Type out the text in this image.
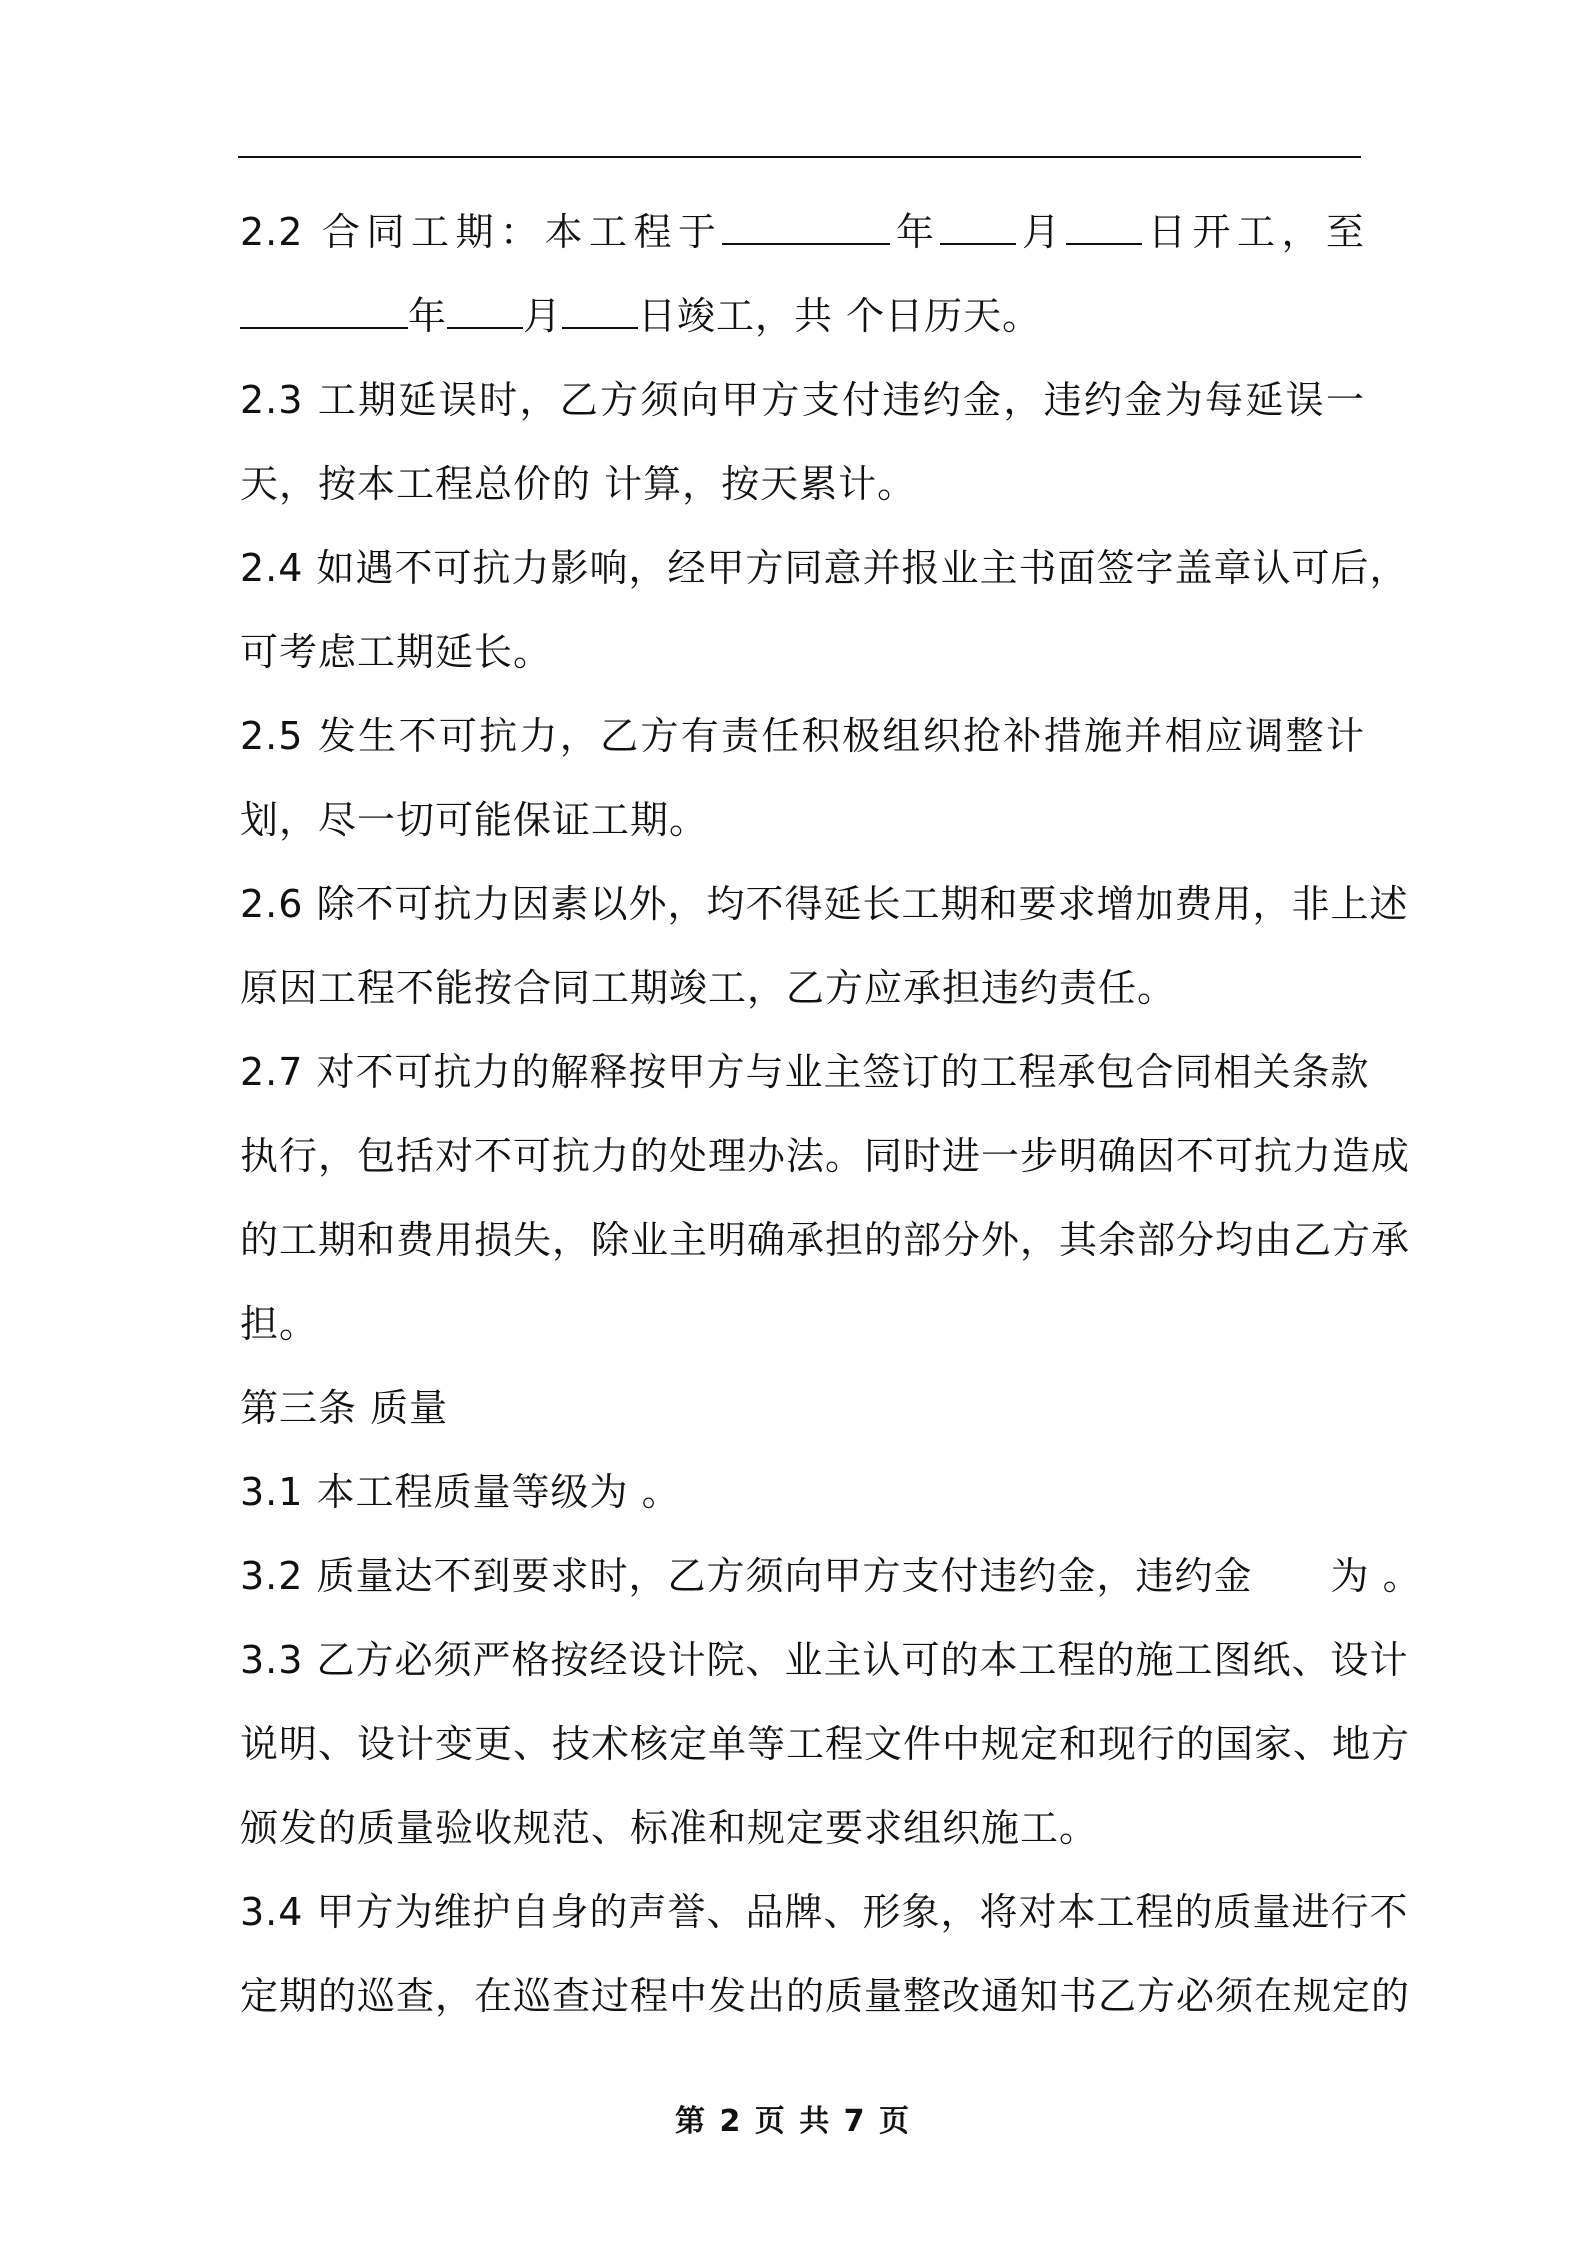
2.2 合同工期：本工程于	年 月 日开工，至
年 月 日竣工，共 个日历天。
2.3 工期延误时，乙方须向甲方支付违约金，违约金为每延误一
天，按本工程总价的 计算，按天累计。
2.4 如遇不可抗力影响，经甲方同意并报业主书面签字盖章认可后，
可考虑工期延长。
2.5 发生不可抗力，乙方有责任积极组织抢补措施并相应调整计
划，尽一切可能保证工期。
2.6 除不可抗力因素以外，均不得延长工期和要求增加费用，非上述
原因工程不能按合同工期竣工，乙方应承担违约责任。
2.7 对不可抗力的解释按甲方与业主签订的工程承包合同相关条款
执行，包括对不可抗力的处理办法。同时进一步明确因不可抗力造成
的工期和费用损失，除业主明确承担的部分外，其余部分均由乙方承
担。
第三条 质量
3.1 本工程质量等级为 。
3.2 质量达不到要求时，乙方须向甲方支付违约金，违约金　　为 。
3.3 乙方必须严格按经设计院、业主认可的本工程的施工图纸、设计
说明、设计变更、技术核定单等工程文件中规定和现行的国家、地方
颁发的质量验收规范、标准和规定要求组织施工。
3.4 甲方为维护自身的声誉、品牌、形象，将对本工程的质量进行不
定期的巡查，在巡查过程中发出的质量整改通知书乙方必须在规定的
第 2 页 共 7 页
